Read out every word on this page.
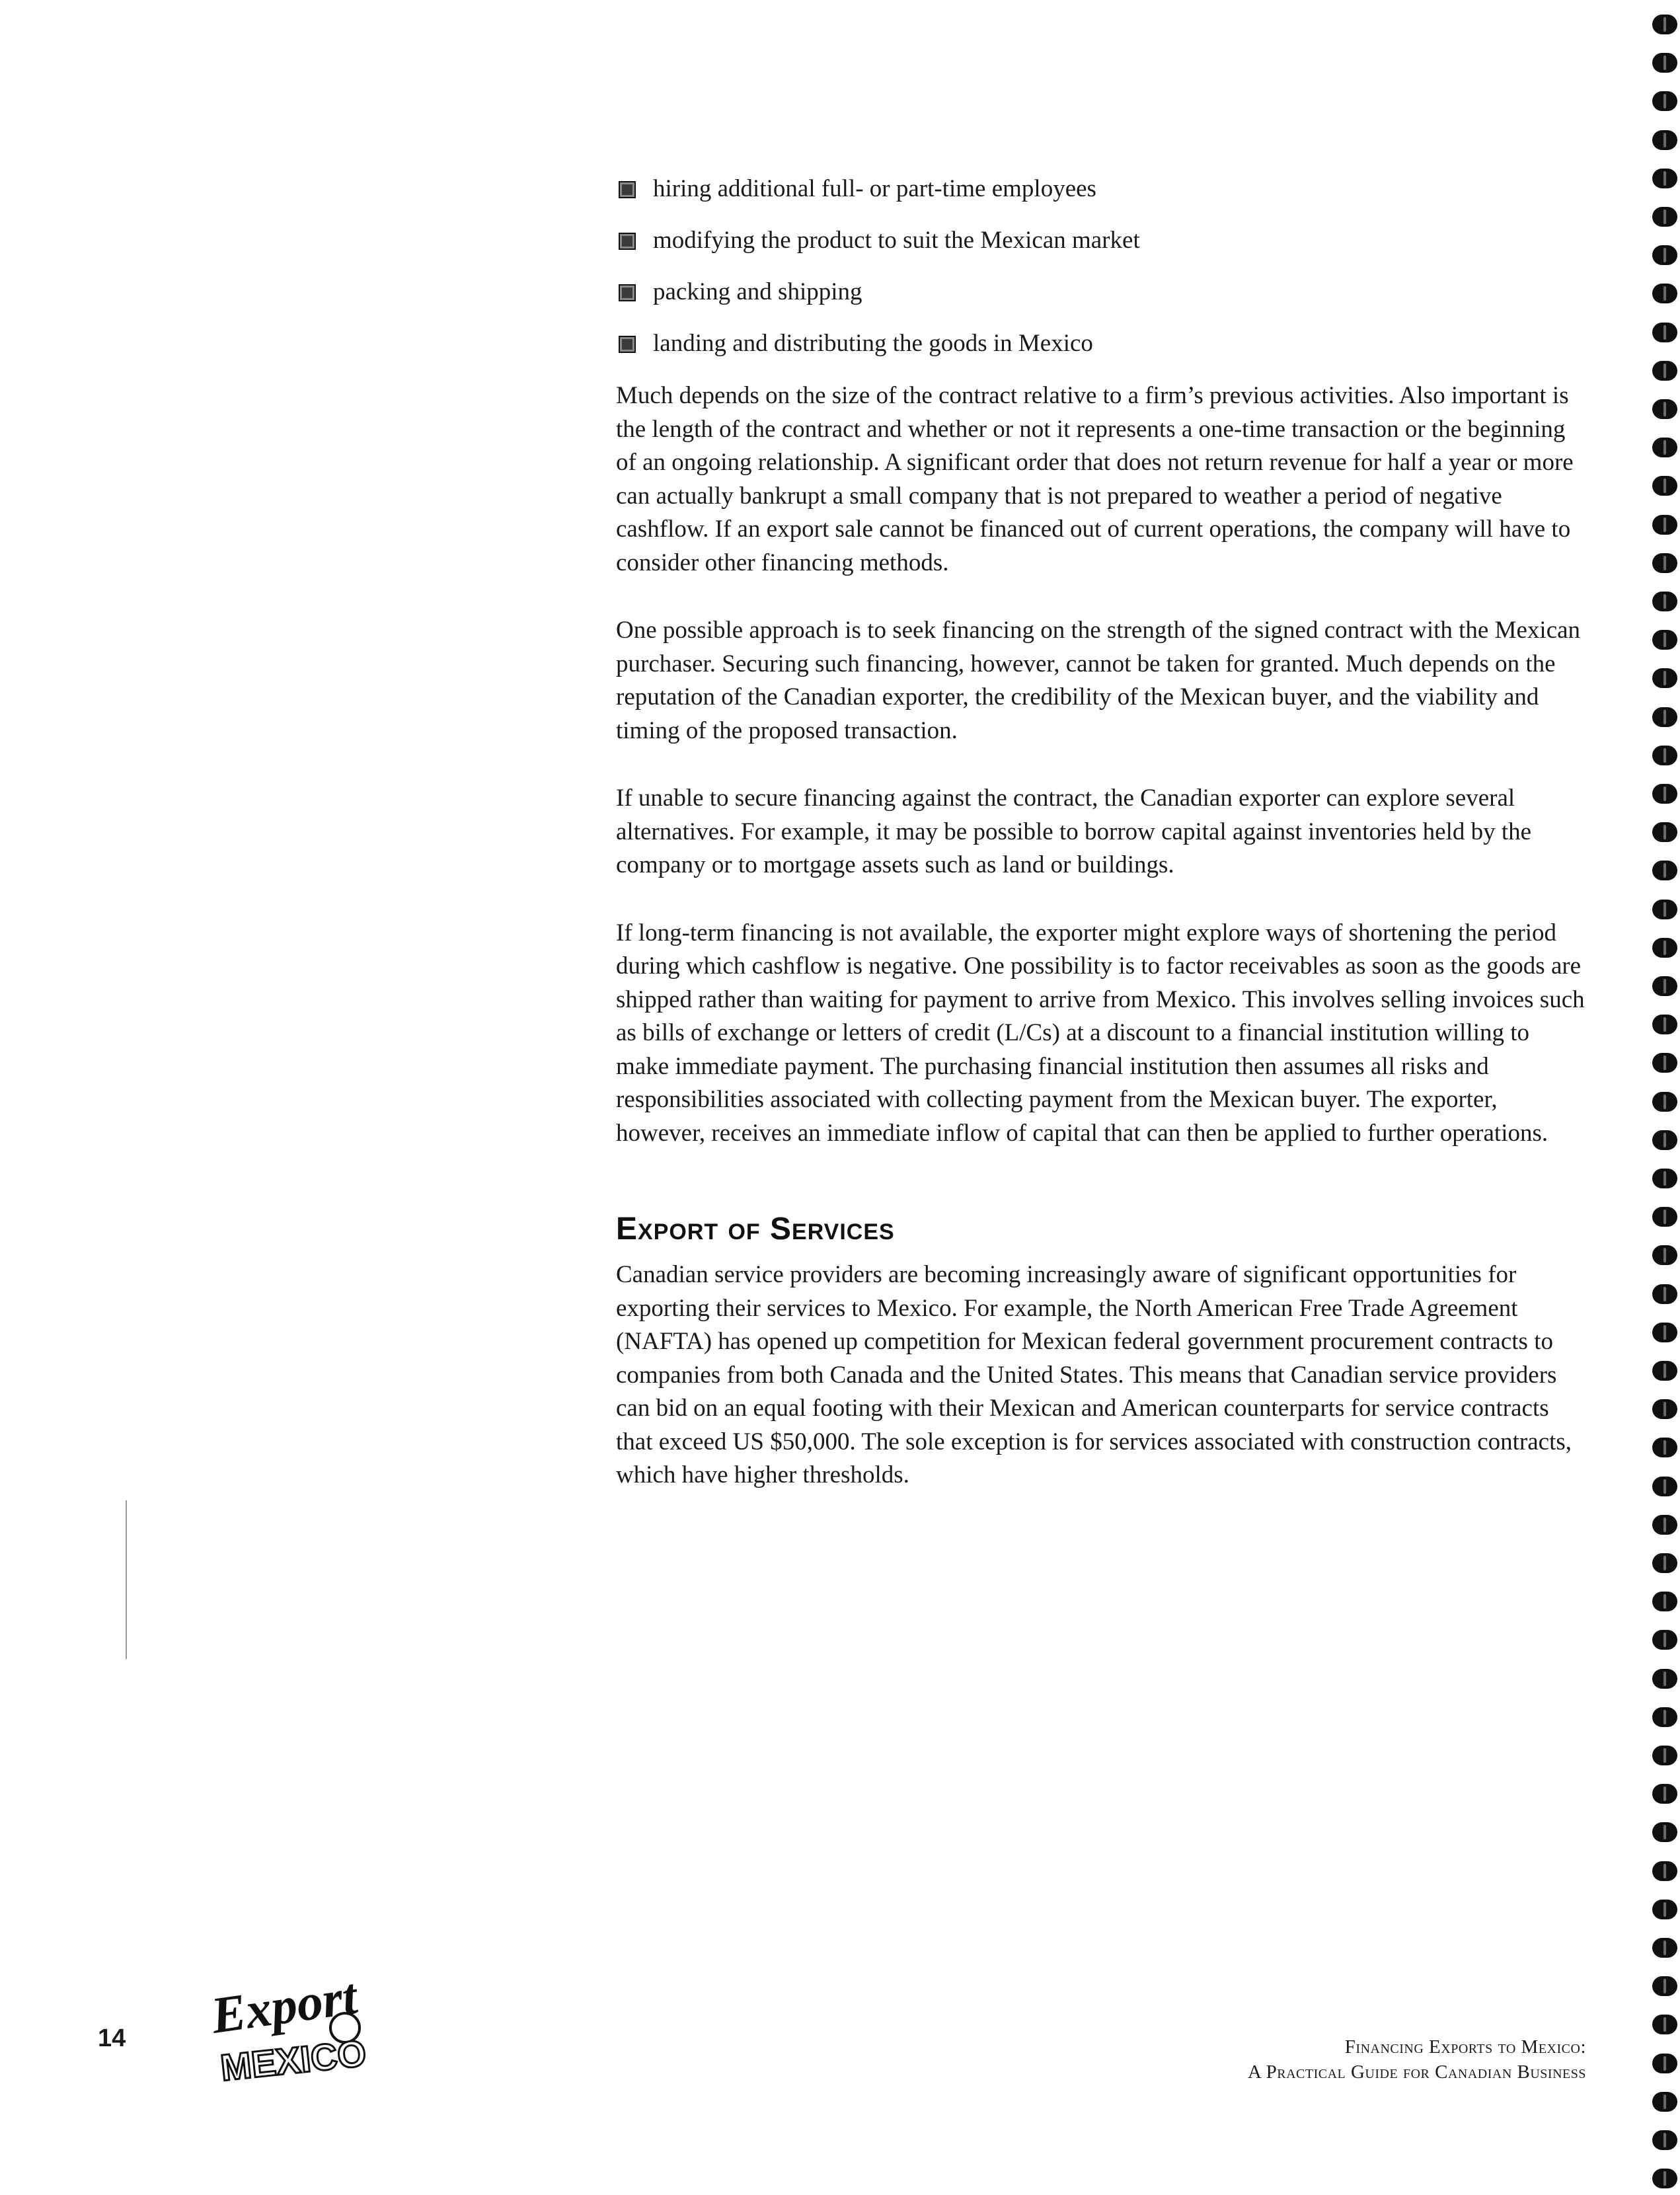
hiring additional full- or part-time employees
modifying the product to suit the Mexican market
packing and shipping
landing and distributing the goods in Mexico

Much depends on the size of the contract relative to a firm’s previous activities. Also important is the length of the contract and whether or not it represents a one-time transaction or the beginning of an ongoing relationship. A significant order that does not return revenue for half a year or more can actually bankrupt a small company that is not prepared to weather a period of negative cashflow. If an export sale cannot be financed out of current operations, the company will have to consider other financing methods.

One possible approach is to seek financing on the strength of the signed contract with the Mexican purchaser. Securing such financing, however, cannot be taken for granted. Much depends on the reputation of the Canadian exporter, the credibility of the Mexican buyer, and the viability and timing of the proposed transaction.

If unable to secure financing against the contract, the Canadian exporter can explore several alternatives. For example, it may be possible to borrow capital against inventories held by the company or to mortgage assets such as land or buildings.

If long-term financing is not available, the exporter might explore ways of shortening the period during which cashflow is negative. One possibility is to factor receivables as soon as the goods are shipped rather than waiting for payment to arrive from Mexico. This involves selling invoices such as bills of exchange or letters of credit (L/Cs) at a discount to a financial institution willing to make immediate payment. The purchasing financial institution then assumes all risks and responsibilities associated with collecting payment from the Mexican buyer. The exporter, however, receives an immediate inflow of capital that can then be applied to further operations.

Export of Services

Canadian service providers are becoming increasingly aware of significant opportunities for exporting their services to Mexico. For example, the North American Free Trade Agreement (NAFTA) has opened up competition for Mexican federal government procurement contracts to companies from both Canada and the United States. This means that Canadian service providers can bid on an equal footing with their Mexican and American counterparts for service contracts that exceed US $50,000. The sole exception is for services associated with construction contracts, which have higher thresholds.

14 Export
MEXICO	Financing Exports to Mexico:
A Practical Guide for Canadian Business
